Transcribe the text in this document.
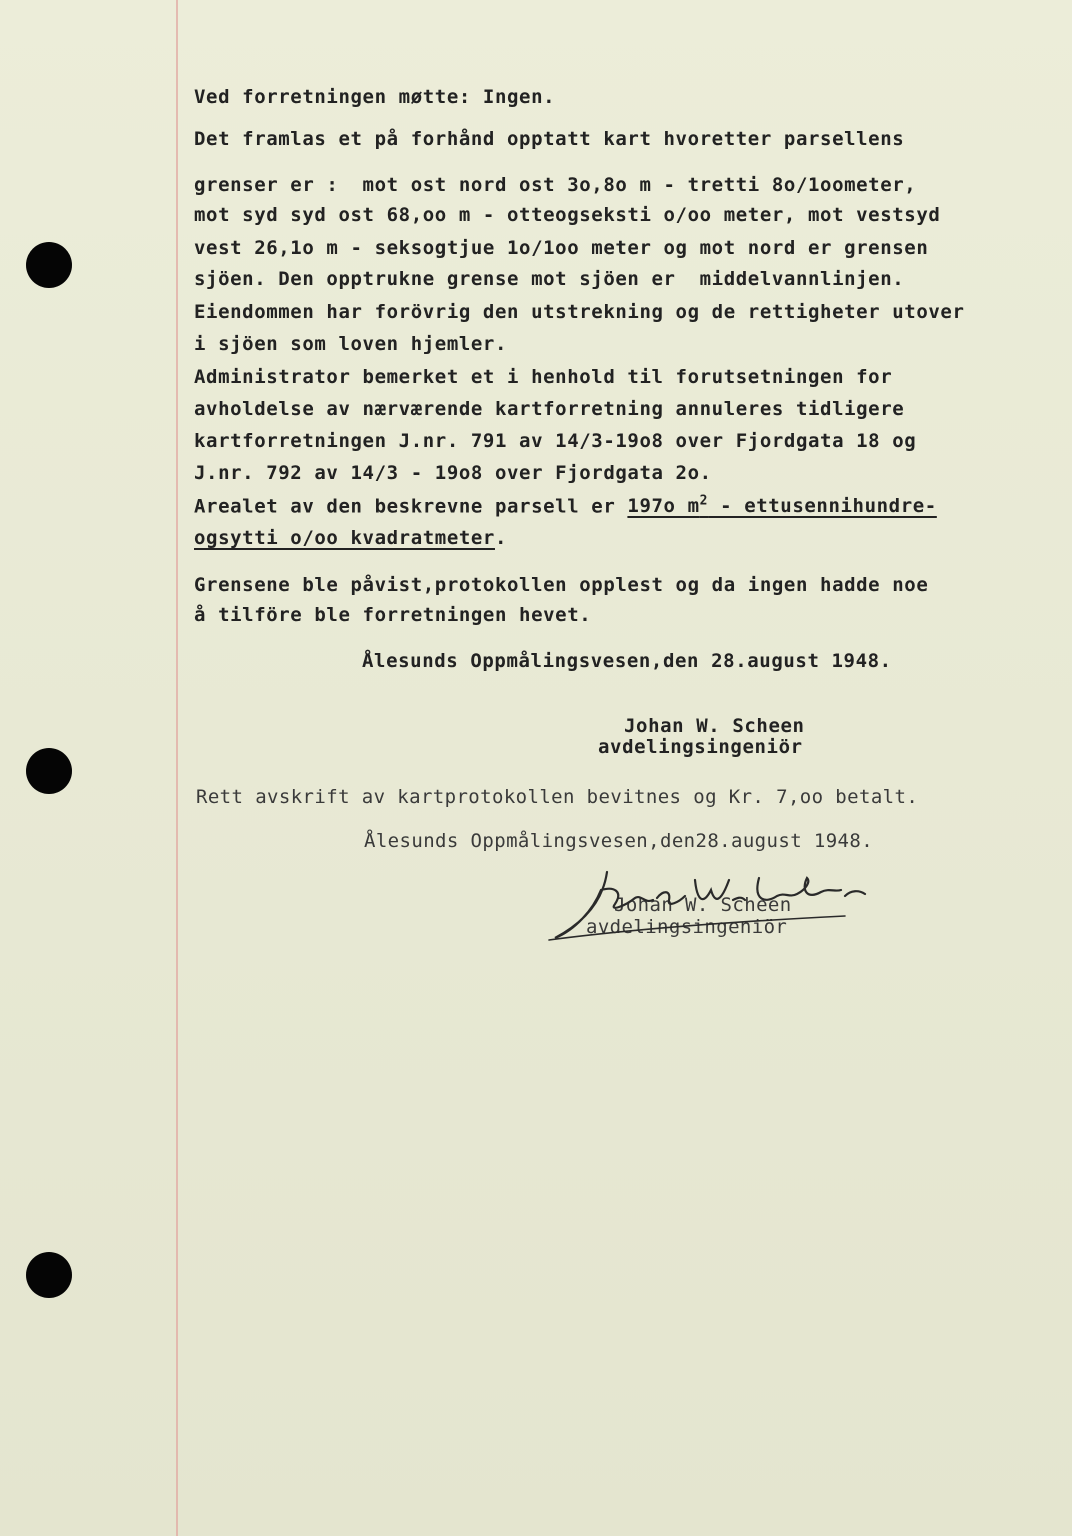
Ved forretningen møtte: Ingen.
Det framlas et på forhånd opptatt kart hvoretter parsellens
grenser er :  mot ost nord ost 3o,8o m - tretti 8o/1oometer,
mot syd syd ost 68,oo m - otteogseksti o/oo meter, mot vestsyd
vest 26,1o m - seksogtjue 1o/1oo meter og mot nord er grensen
sjöen. Den opptrukne grense mot sjöen er  middelvannlinjen.
Eiendommen har forövrig den utstrekning og de rettigheter utover
i sjöen som loven hjemler.
Administrator bemerket et i henhold til forutsetningen for
avholdelse av nærværende kartforretning annuleres tidligere
kartforretningen J.nr. 791 av 14/3-19o8 over Fjordgata 18 og
J.nr. 792 av 14/3 - 19o8 over Fjordgata 2o.
Arealet av den beskrevne parsell er 197o $m^2$ - ettusennihundre-
ogsytti o/oo kvadratmeter.
Grensene ble påvist,protokollen opplest og da ingen hadde noe
å tilföre ble forretningen hevet.
Ålesunds Oppmålingsvesen,den 28.august 1948.
Johan W. Scheen
avdelingsingeniör
Rett avskrift av kartprotokollen bevitnes og Kr. 7,oo betalt.
Ålesunds Oppmålingsvesen,den28.august 1948.
Johan W. Scheen
avdelingsingeniör
